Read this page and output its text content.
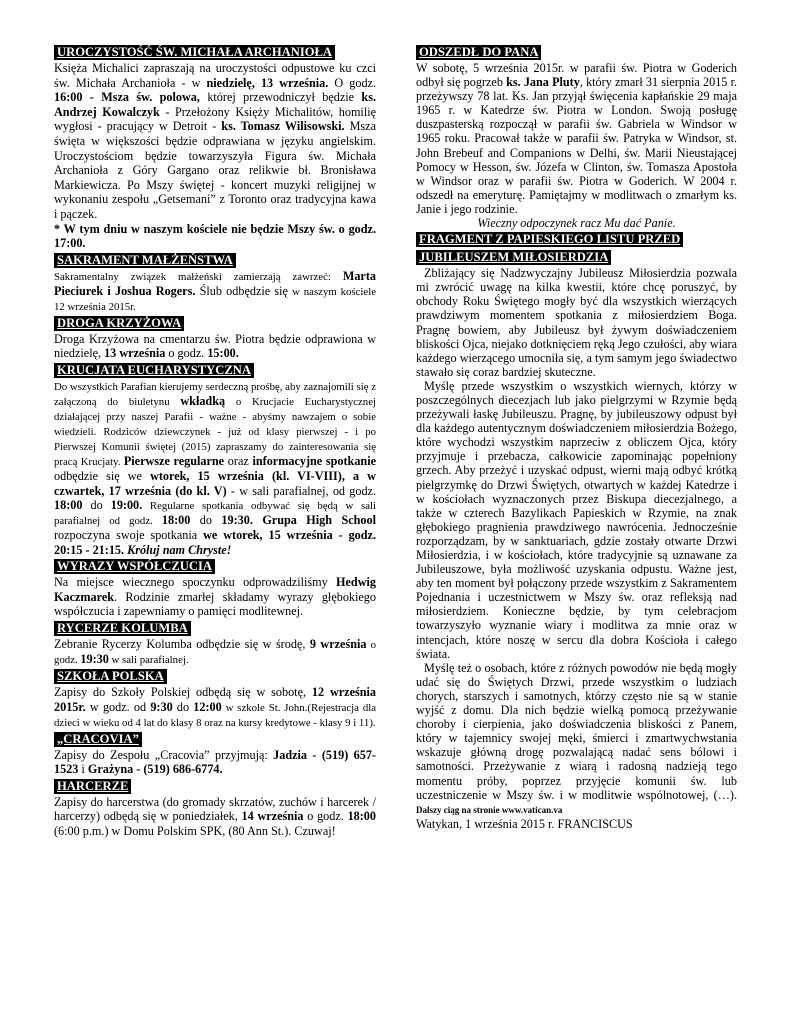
UROCZYSTOŚĆ ŚW. MICHAŁA ARCHANIOŁA

Księża Michalici zapraszają na uroczystości odpustowe ku czci św. Michała Archanioła - w niedzielę, 13 września. O godz. 16:00 - Msza św. polowa, której przewodniczył będzie ks. Andrzej Kowalczyk - Przełożony Księży Michalitów, homilię wygłosi - pracujący w Detroit - ks. Tomasz Wilisowski. Msza święta w większości będzie odprawiana w języku angielskim. Uroczystościom będzie towarzyszyła Figura św. Michała Archanioła z Góry Gargano oraz relikwie bł. Bronisława Markiewicza. Po Mszy świętej - koncert muzyki religijnej w wykonaniu zespołu „Getsemani” z Toronto oraz tradycyjna kawa i pączek.

* W tym dniu w naszym kościele nie będzie Mszy św. o godz. 17:00.

SAKRAMENT MAŁŻEŃSTWA

Sakramentalny związek małżeński zamierzają zawrzeć: Marta Pieciurek i Joshua Rogers. Ślub odbędzie się w naszym kościele 12 września 2015r.

DROGA KRZYŻOWA

Droga Krzyżowa na cmentarzu św. Piotra będzie odprawiona w niedzielę, 13 września o godz. 15:00.

KRUCJATA EUCHARYSTYCZNA

Do wszystkich Parafian kierujemy serdeczną prośbę, aby zaznajomili się z załączoną do biuletynu wkładką o Krucjacie Eucharystycznej działającej przy naszej Parafii - ważne - abyśmy nawzajem o sobie wiedzieli. Rodziców dziewczynek - już od klasy pierwszej - i po Pierwszej Komunii świętej (2015) zapraszamy do zainteresowania się pracą Krucjaty. Pierwsze regularne oraz informacyjne spotkanie odbędzie się we wtorek, 15 września (kl. VI-VIII), a w czwartek, 17 września (do kl. V) - w sali parafialnej, od godz. 18:00 do 19:00. Regularne spotkania odbywać się będą w sali parafialnej od godz. 18:00 do 19:30. Grupa High School rozpoczyna swoje spotkania we wtorek, 15 września - godz. 20:15 - 21:15. Króluj nam Chryste!

WYRAZY WSPÓŁCZUCIA

Na miejsce wiecznego spoczynku odprowadziliśmy Hedwig Kaczmarek. Rodzinie zmarłej składamy wyrazy głębokiego współczucia i zapewniamy o pamięci modlitewnej.

RYCERZE KOLUMBA

Zebranie Rycerzy Kolumba odbędzie się w środę, 9 września o godz. 19:30 w sali parafialnej.

SZKOŁA POLSKA

Zapisy do Szkoły Polskiej odbędą się w sobotę, 12 września 2015r. w godz. od 9:30 do 12:00 w szkole St. John.(Rejestracja dla dzieci w wieku od 4 lat do klasy 8 oraz na kursy kredytowe - klasy 9 i 11).

„CRACOVIA”

Zapisy do Zespołu „Cracovia” przyjmują: Jadzia - (519) 657-1523 i Grażyna - (519) 686-6774.

HARCERZE

Zapisy do harcerstwa (do gromady skrzatów, zuchów i harcerek / harcerzy) odbędą się w poniedziałek, 14 września o godz. 18:00 (6:00 p.m.) w Domu Polskim SPK, (80 Ann St.). Czuwaj!

ODSZEDŁ DO PANA

W sobotę, 5 września 2015r. w parafii św. Piotra w Goderich odbył się pogrzeb ks. Jana Pluty, który zmarł 31 sierpnia 2015 r. przeżywszy 78 lat. Ks. Jan przyjął święcenia kapłańskie 29 maja 1965 r. w Katedrze św. Piotra w London. Swoją posługę duszpasterską rozpoczął w parafii św. Gabriela w Windsor w 1965 roku. Pracował także w parafii św. Patryka w Windsor, st. John Brebeuf and Companions w Delhi, św. Marii Nieustającej Pomocy w Hesson, św. Józefa w Clinton, św. Tomasza Apostoła w Windsor oraz w parafii św. Piotra w Goderich. W 2004 r. odszedł na emeryturę. Pamiętajmy w modlitwach o zmarłym ks. Janie i jego rodzinie.

Wieczny odpoczynek racz Mu dać Panie.

FRAGMENT Z PAPIESKIEGO LISTU PRZED
JUBILEUSZEM MIŁOSIERDZIA

Zbliżający się Nadzwyczajny Jubileusz Miłosierdzia pozwala mi zwrócić uwagę na kilka kwestii, które chcę poruszyć, by obchody Roku Świętego mogły być dla wszystkich wierzących prawdziwym momentem spotkania z miłosierdziem Boga. Pragnę bowiem, aby Jubileusz był żywym doświadczeniem bliskości Ojca, niejako dotknięciem ręką Jego czułości, aby wiara każdego wierzącego umocniła się, a tym samym jego świadectwo stawało się coraz bardziej skuteczne.

Myślę przede wszystkim o wszystkich wiernych, którzy w poszczególnych diecezjach lub jako pielgrzymi w Rzymie będą przeżywali łaskę Jubileuszu. Pragnę, by jubileuszowy odpust był dla każdego autentycznym doświadczeniem miłosierdzia Bożego, które wychodzi wszystkim naprzeciw z obliczem Ojca, który przyjmuje i przebacza, całkowicie zapominając popełniony grzech. Aby przeżyć i uzyskać odpust, wierni mają odbyć krótką pielgrzymkę do Drzwi Świętych, otwartych w każdej Katedrze i w kościołach wyznaczonych przez Biskupa diecezjalnego, a także w czterech Bazylikach Papieskich w Rzymie, na znak głębokiego pragnienia prawdziwego nawrócenia. Jednocześnie rozporządzam, by w sanktuariach, gdzie zostały otwarte Drzwi Miłosierdzia, i w kościołach, które tradycyjnie są uznawane za Jubileuszowe, była możliwość uzyskania odpustu. Ważne jest, aby ten moment był połączony przede wszystkim z Sakramentem Pojednania i uczestnictwem w Mszy św. oraz refleksją nad miłosierdziem. Konieczne będzie, by tym celebracjom towarzyszyło wyznanie wiary i modlitwa za mnie oraz w intencjach, które noszę w sercu dla dobra Kościoła i całego świata.

Myślę też o osobach, które z różnych powodów nie będą mogły udać się do Świętych Drzwi, przede wszystkim o ludziach chorych, starszych i samotnych, którzy często nie są w stanie wyjść z domu. Dla nich będzie wielką pomocą przeżywanie choroby i cierpienia, jako doświadczenia bliskości z Panem, który w tajemnicy swojej męki, śmierci i zmartwychwstania wskazuje główną drogę pozwalającą nadać sens bólowi i samotności. Przeżywanie z wiarą i radosną nadzieją tego momentu próby, poprzez przyjęcie komunii św. lub uczestniczenie w Mszy św. i w modlitwie wspólnotowej, (…). Dalszy ciąg na stronie www.vatican.va

Watykan, 1 września 2015 r. FRANCISCUS
